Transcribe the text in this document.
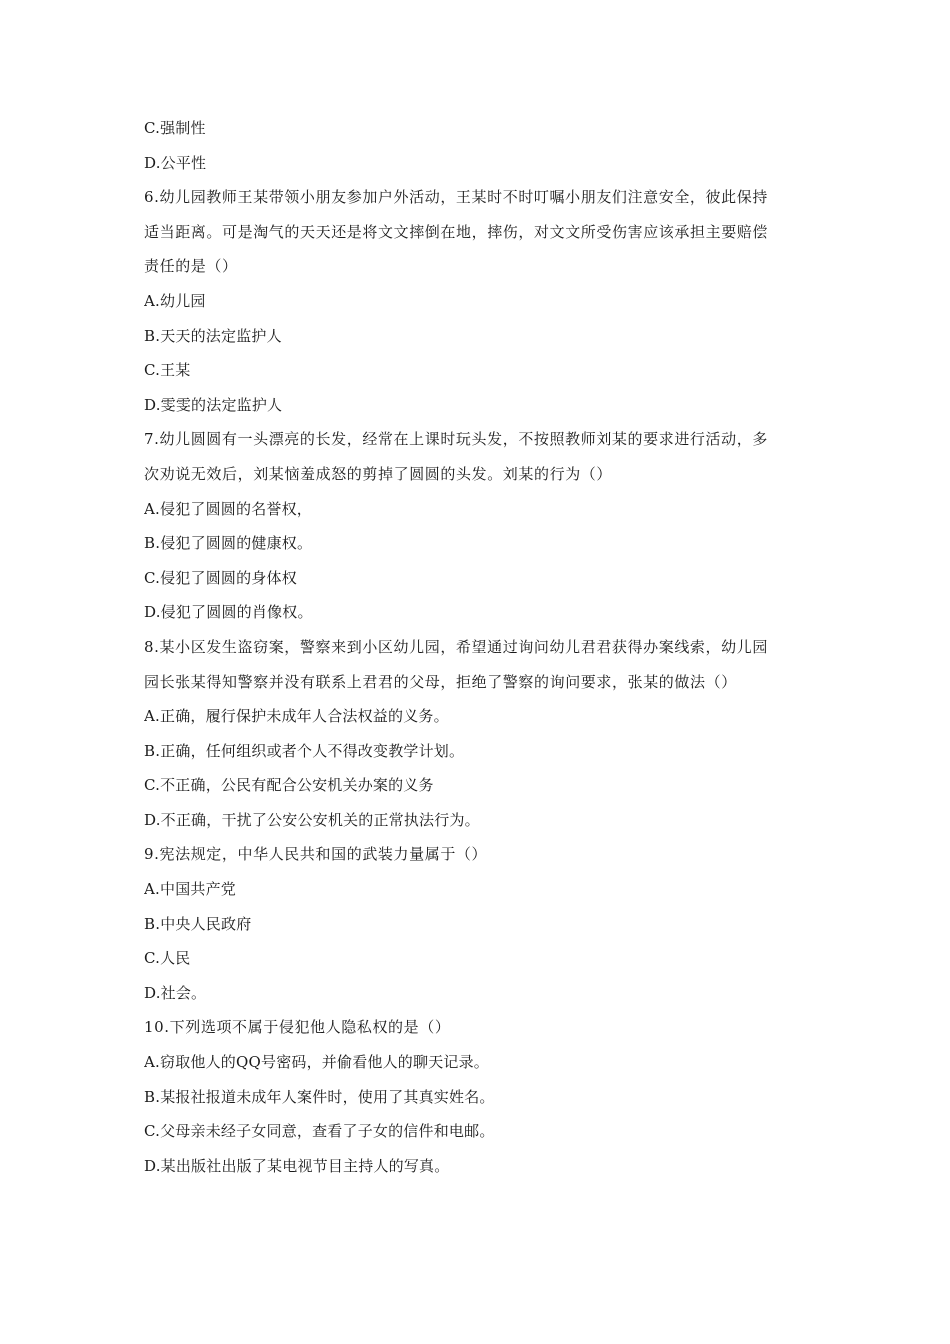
C.强制性
D.公平性
6.幼儿园教师王某带领小朋友参加户外活动，王某时不时叮嘱小朋友们注意安全，彼此保持
适当距离。可是淘气的天天还是将文文摔倒在地，摔伤，对文文所受伤害应该承担主要赔偿
责任的是（）
A.幼儿园
B.天天的法定监护人
C.王某
D.雯雯的法定监护人
7.幼儿圆圆有一头漂亮的长发，经常在上课时玩头发，不按照教师刘某的要求进行活动，多
次劝说无效后，刘某恼羞成怒的剪掉了圆圆的头发。刘某的行为（）
A.侵犯了圆圆的名誉权，
B.侵犯了圆圆的健康权。
C.侵犯了圆圆的身体权
D.侵犯了圆圆的肖像权。
8.某小区发生盗窃案，警察来到小区幼儿园，希望通过询问幼儿君君获得办案线索，幼儿园
园长张某得知警察并没有联系上君君的父母，拒绝了警察的询问要求，张某的做法（）
A.正确，履行保护未成年人合法权益的义务。
B.正确，任何组织或者个人不得改变教学计划。
C.不正确，公民有配合公安机关办案的义务
D.不正确，干扰了公安公安机关的正常执法行为。
9.宪法规定，中华人民共和国的武装力量属于（）
A.中国共产党
B.中央人民政府
C.人民
D.社会。
10.下列选项不属于侵犯他人隐私权的是（）
A.窃取他人的QQ号密码，并偷看他人的聊天记录。
B.某报社报道未成年人案件时，使用了其真实姓名。
C.父母亲未经子女同意，查看了子女的信件和电邮。
D.某出版社出版了某电视节目主持人的写真。
